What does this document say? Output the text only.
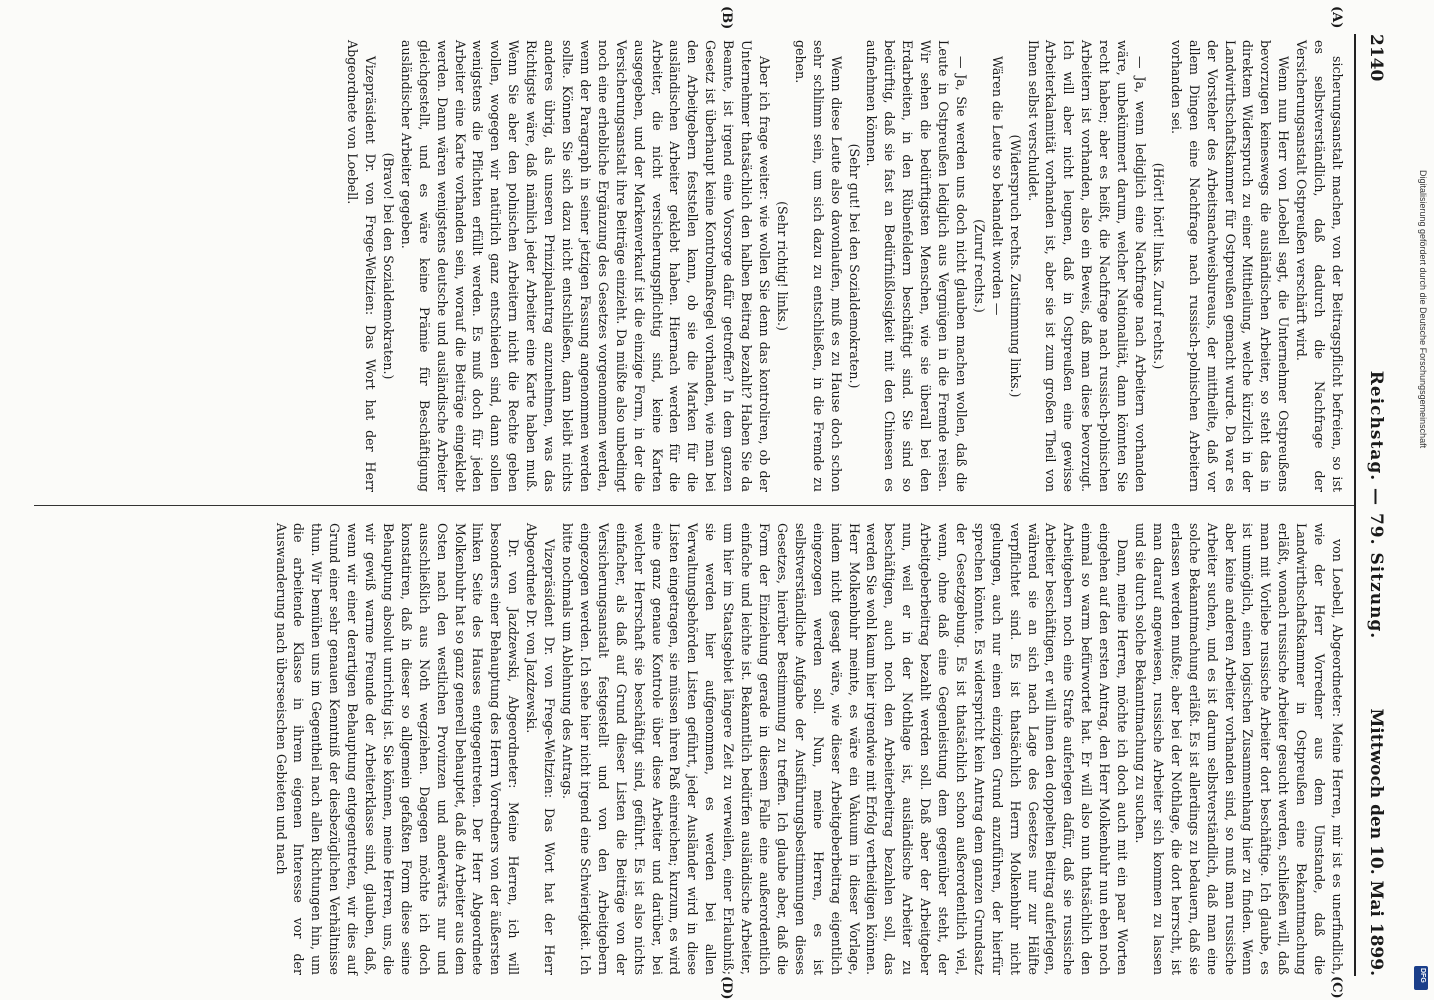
2140
Reichstag. — 79. Sitzung.
Mittwoch den 10. Mai 1899.
(A)
(B)
(C)
(D)

sicherungsanstalt machen, von der Beitragspflicht befreien, so ist es selbstverständlich, daß dadurch die Nachfrage der Versicherungsanstalt Ostpreußen verschärft wird.

Wenn nun Herr von Loebell sagt, die Unternehmer Ostpreußens bevorzugen keineswegs die ausländischen Arbeiter, so steht das in direktem Widerspruch zu einer Mittheilung, welche kürzlich in der Landwirthschaftskammer für Ostpreußen gemacht wurde. Da war es der Vorsteher des Arbeitsnachweisbureaus, der mittheilte, daß vor allem Dingen eine Nachfrage nach russisch-polnischen Arbeitern vorhanden sei.

(Hört! hört! links. Zuruf rechts.)

— Ja, wenn lediglich eine Nachfrage nach Arbeitern vorhanden wäre, unbekümmert darum, welcher Nationalität, dann könnten Sie recht haben; aber es heißt, die Nachfrage nach russisch-polnischen Arbeitern ist vorhanden, also ein Beweis, daß man diese bevorzugt. Ich will aber nicht leugnen, daß in Ostpreußen eine gewisse Arbeiterkalamität vorhanden ist, aber sie ist zum großen Theil von Ihnen selbst verschuldet.

(Widerspruch rechts. Zustimmung links.)

Wären die Leute so behandelt worden —

(Zuruf rechts.)

— Ja, Sie werden uns doch nicht glauben machen wollen, daß die Leute in Ostpreußen lediglich aus Vergnügen in die Fremde reisen. Wir sehen die bedürftigsten Menschen, wie sie überall bei den Erdarbeiten, in den Rübenfeldern beschäftigt sind. Sie sind so bedürftig, daß sie fast an Bedürfnißlosigkeit mit den Chinesen es aufnehmen können.

(Sehr gut! bei den Sozialdemokraten.)

Wenn diese Leute also davonlaufen, muß es zu Hause doch schon sehr schlimm sein, um sich dazu zu entschließen, in die Fremde zu gehen.

(Sehr richtig! links.)

Aber ich frage weiter: wie wollen Sie denn das kontroliren, ob der Unternehmer thatsächlich den halben Beitrag bezahlt? Haben Sie da Beamte, ist irgend eine Vorsorge dafür getroffen? In dem ganzen Gesetz ist überhaupt keine Kontrolmaßregel vorhanden, wie man bei den Arbeitgebern feststellen kann, ob sie die Marken für die ausländischen Arbeiter geklebt haben. Hiernach werden für die Arbeiter, die nicht versicherungspflichtig sind, keine Karten ausgegeben, und der Markenverkauf ist die einzige Form, in der die Versicherungsanstalt ihre Beiträge einzieht. Da müßte also unbedingt noch eine erhebliche Ergänzung des Gesetzes vorgenommen werden, wenn der Paragraph in seiner jetzigen Fassung angenommen werden sollte. Können Sie sich dazu nicht entschließen, dann bleibt nichts anderes übrig, als unseren Prinzipalantrag anzunehmen, was das Richtigste wäre, daß nämlich jeder Arbeiter eine Karte haben muß. Wenn Sie aber den polnischen Arbeitern nicht die Rechte geben wollen, wogegen wir natürlich ganz entschieden sind, dann sollen wenigstens die Pflichten erfüllt werden. Es muß doch für jeden Arbeiter eine Karte vorhanden sein, worauf die Beiträge eingeklebt werden. Dann wären wenigstens deutsche und ausländische Arbeiter gleichgestellt, und es wäre keine Prämie für Beschäftigung ausländischer Arbeiter gegeben.

(Bravo! bei den Sozialdemokraten.)

Vizepräsident Dr. von Frege-Weltzien: Das Wort hat der Herr Abgeordnete von Loebell.

von Loebell, Abgeordneter: Meine Herren, mir ist es unerfindlich, wie der Herr Vorredner aus dem Umstande, daß die Landwirthschaftskammer in Ostpreußen eine Bekanntmachung erläßt, wonach russische Arbeiter gesucht werden, schließen will, daß man mit Vorliebe russische Arbeiter dort beschäftige. Ich glaube, es ist unmöglich, einen logischen Zusammenhang hier zu finden. Wenn aber keine anderen Arbeiter vorhanden sind, so muß man russische Arbeiter suchen, und es ist darum selbstverständlich, daß man eine solche Bekanntmachung erläßt. Es ist allerdings zu bedauern, daß sie erlassen werden mußte; aber bei der Nothlage, die dort herrscht, ist man darauf angewiesen, russische Arbeiter sich kommen zu lassen und sie durch solche Bekanntmachung zu suchen.

Dann, meine Herren, möchte ich doch auch mit ein paar Worten eingehen auf den ersten Antrag, den Herr Molkenbuhr nun eben noch einmal so warm befürwortet hat. Er will also nun thatsächlich den Arbeitgebern noch eine Strafe auferlegen dafür, daß sie russische Arbeiter beschäftigen, er will ihnen den doppelten Beitrag auferlegen, während sie an sich nach Lage des Gesetzes nur zur Hälfte verpflichtet sind. Es ist thatsächlich Herrn Molkenbuhr nicht gelungen, auch nur einen einzigen Grund anzuführen, der hierfür sprechen könnte. Es widerspricht kein Antrag dem ganzen Grundsatz der Gesetzgebung. Es ist thatsächlich schon außerordentlich viel, wenn, ohne daß eine Gegenleistung dem gegenüber steht, der Arbeitgeberbeitrag bezahlt werden soll. Daß aber der Arbeitgeber nun, weil er in der Nothlage ist, ausländische Arbeiter zu beschäftigen, auch noch den Arbeiterbeitrag bezahlen soll, das werden Sie wohl kaum hier irgendwie mit Erfolg vertheidigen können. Herr Molkenbuhr meinte, es wäre ein Vakuum in dieser Vorlage, indem nicht gesagt wäre, wie dieser Arbeitgeberbeitrag eigentlich eingezogen werden soll. Nun, meine Herren, es ist selbstverständliche Aufgabe der Ausführungsbestimmungen dieses Gesetzes, hierüber Bestimmung zu treffen. Ich glaube aber, daß die Form der Einziehung gerade in diesem Falle eine außerordentlich einfache und leichte ist. Bekanntlich bedürfen ausländische Arbeiter, um hier im Staatsgebiet längere Zeit zu verweilen, einer Erlaubniß; sie werden hier aufgenommen, es werden bei allen Verwaltungsbehörden Listen geführt, jeder Ausländer wird in diese Listen eingetragen, sie müssen ihren Paß einreichen; kurzum, es wird eine ganz genaue Kontrole über diese Arbeiter und darüber, bei welcher Herrschaft sie beschäftigt sind, geführt. Es ist also nichts einfacher, als daß auf Grund dieser Listen die Beiträge von der Versicherungsanstalt festgestellt und von den Arbeitgebern eingezogen werden. Ich sehe hier nicht irgend eine Schwierigkeit. Ich bitte nochmals um Ablehnung des Antrags.

Vizepräsident Dr. von Frege-Weltzien: Das Wort hat der Herr Abgeordnete Dr. von Jazdzewski.

Dr. von Jazdzewski, Abgeordneter: Meine Herren, ich will besonders einer Behauptung des Herrn Vorredners von der äußersten linken Seite des Hauses entgegentreten. Der Herr Abgeordnete Molkenbuhr hat so ganz generell behauptet, daß die Arbeiter aus dem Osten nach den westlichen Provinzen und anderwärts nur und ausschließlich aus Noth wegziehen. Dagegen möchte ich doch konstatiren, daß in dieser so allgemein gefaßten Form diese seine Behauptung absolut unrichtig ist. Sie können, meine Herren, uns, die wir gewiß warme Freunde der Arbeiterklasse sind, glauben, daß, wenn wir einer derartigen Behauptung entgegentreten, wir dies auf Grund einer sehr genauen Kenntniß der diesbezüglichen Verhältnisse thun. Wir bemühen uns im Gegentheil nach allen Richtungen hin, um die arbeitende Klasse in ihrem eigenen Interesse vor der Auswanderung nach überseeischen Gebieten und nach

Digitalisierung gefördert durch die Deutsche Forschungsgemeinschaft
DFG
